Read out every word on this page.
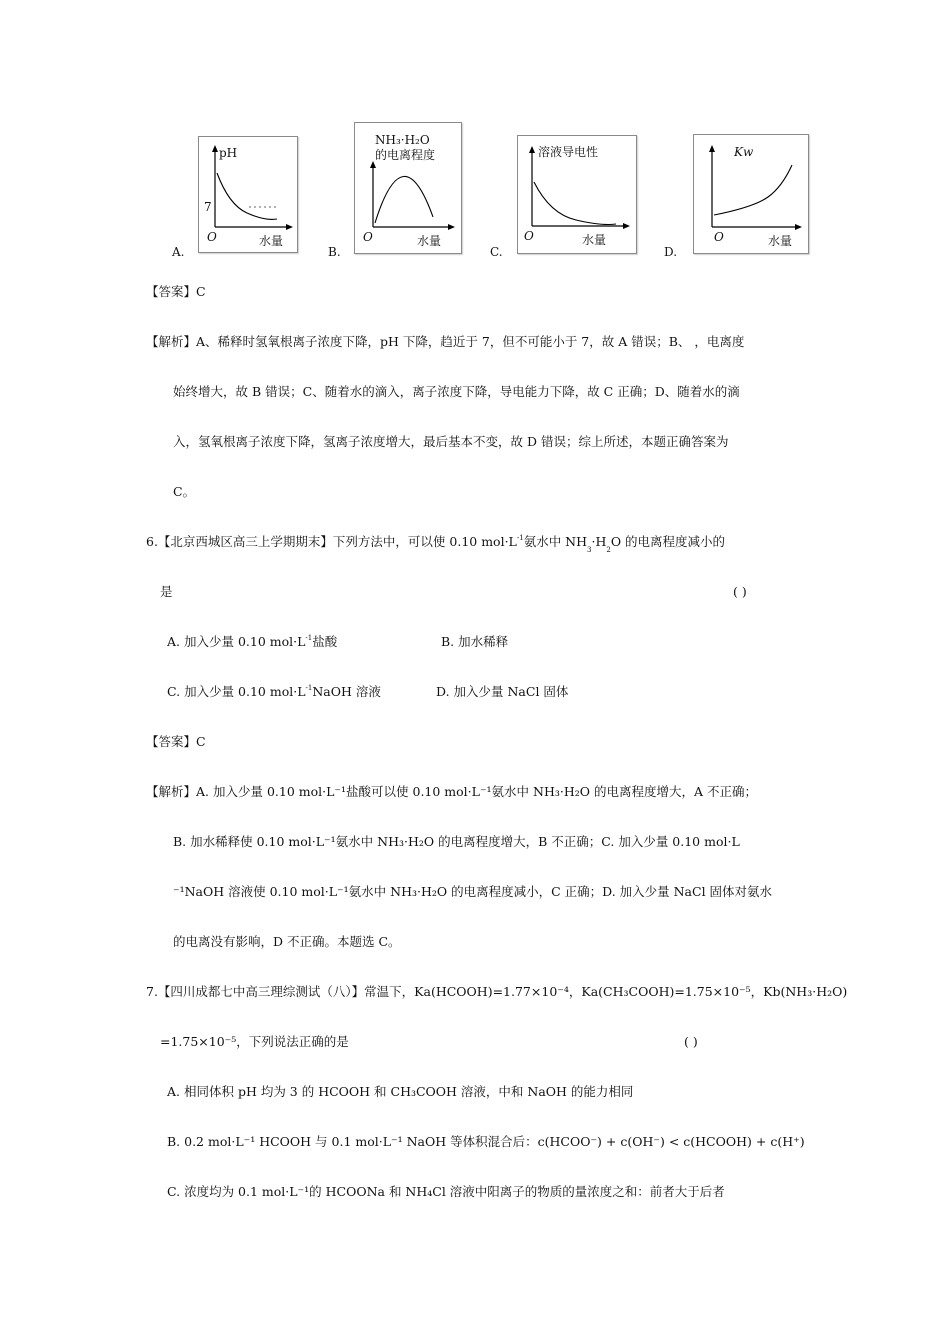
A.
pH
7
O	水量
B.
NH₃·H₂O
的电离程度
O	水量
C.
溶液导电性
O	水量
D.
Kw
O	水量
【答案】C
【解析】A、稀释时氢氧根离子浓度下降，pH 下降，趋近于 7，但不可能小于 7，故 A 错误；B、 ，电离度
始终增大，故 B 错误；C、随着水的滴入，离子浓度下降，导电能力下降，故 C 正确；D、随着水的滴
入，氢氧根离子浓度下降，氢离子浓度增大，最后基本不变，故 D 错误；综上所述，本题正确答案为
C。
6.【北京西城区高三上学期期末】下列方法中，可以使 0.10 $mol\cdot L^{-1}$氨水中 $NH_3\cdot H_2O$ 的电离程度减小的
是	( )
A. 加入少量 0.10 $mol\cdot L^{-1}$盐酸	B. 加水稀释
C. 加入少量 0.10 $mol\cdot L^{-1}NaOH$ 溶液	D. 加入少量 NaCl 固体
【答案】C
【解析】A. 加入少量 0.10 mol·L⁻¹盐酸可以使 0.10 mol·L⁻¹氨水中 NH₃·H₂O 的电离程度增大，A 不正确；
B. 加水稀释使 0.10 mol·L⁻¹氨水中 NH₃·H₂O 的电离程度增大，B 不正确；C. 加入少量 0.10 mol·L
⁻¹NaOH 溶液使 0.10 mol·L⁻¹氨水中 NH₃·H₂O 的电离程度减小，C 正确；D. 加入少量 NaCl 固体对氨水
的电离没有影响，D 不正确。本题选 C。
7.【四川成都七中高三理综测试（八）】常温下，Ka(HCOOH)=1.77×10⁻⁴，Ka(CH₃COOH)=1.75×10⁻⁵，Kb(NH₃·H₂O)
=1.75×10⁻⁵，下列说法正确的是	( )
A. 相同体积 pH 均为 3 的 HCOOH 和 CH₃COOH 溶液，中和 NaOH 的能力相同
B. 0.2 mol·L⁻¹ HCOOH 与 0.1 mol·L⁻¹ NaOH 等体积混合后：c(HCOO⁻) + c(OH⁻) < c(HCOOH) + c(H⁺)
C. 浓度均为 0.1 mol·L⁻¹的 HCOONa 和 NH₄Cl 溶液中阳离子的物质的量浓度之和：前者大于后者
